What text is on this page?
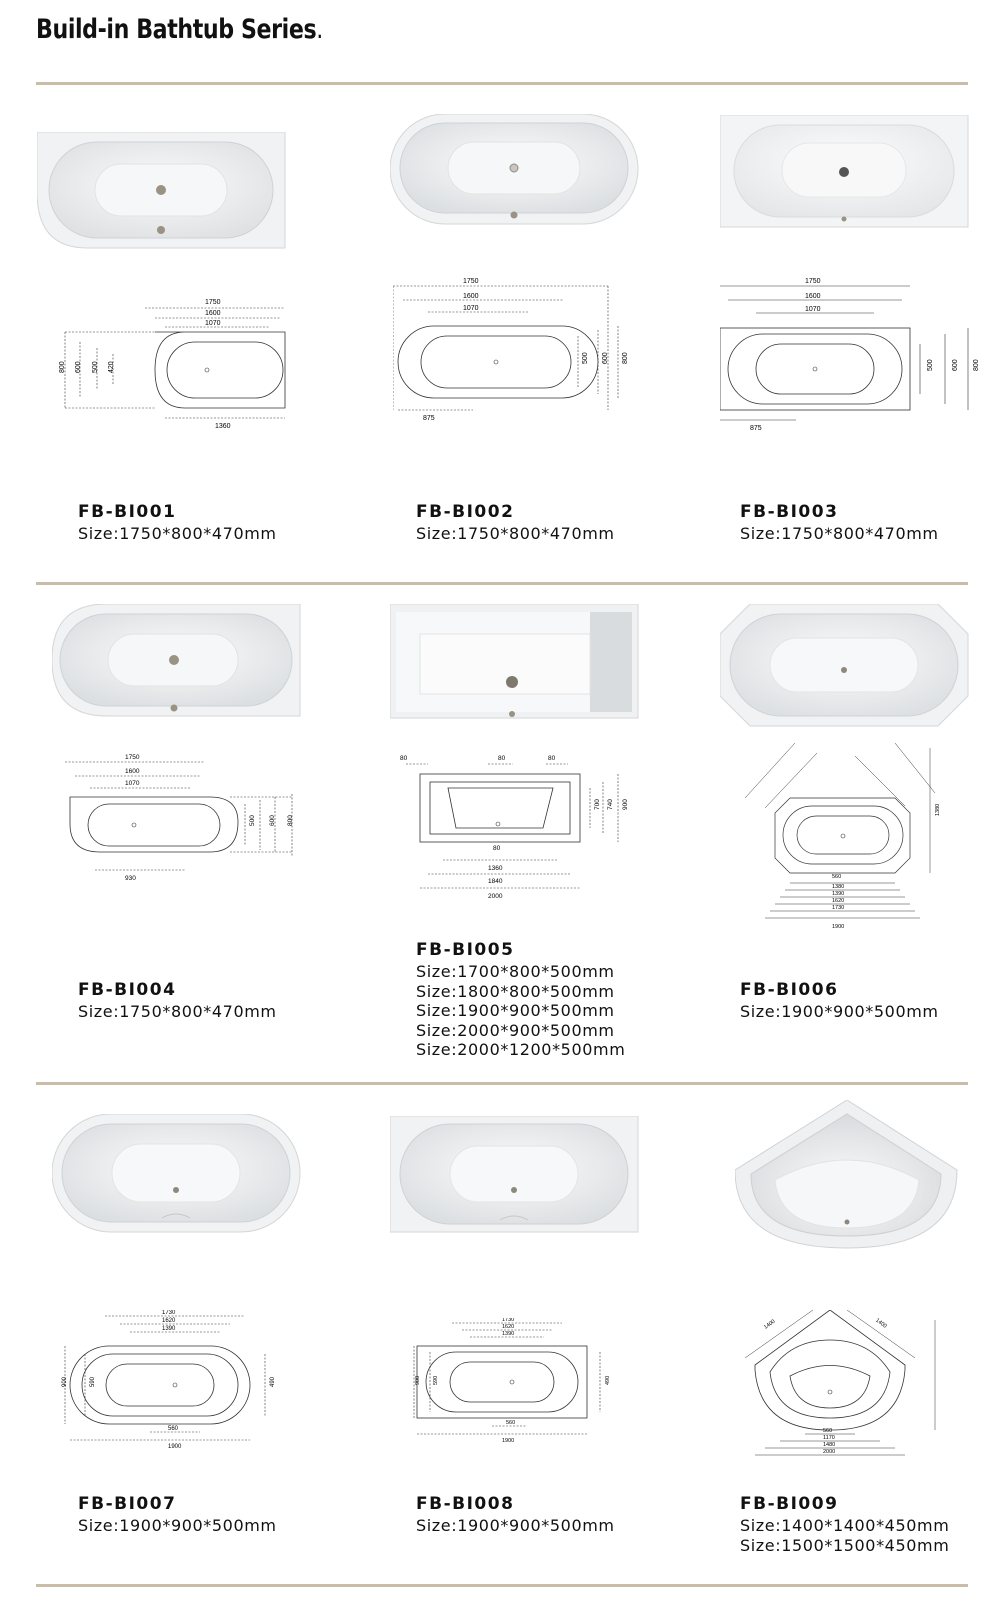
Build-in Bathtub Series.
1750
1600
1070
1360
800 600 500 420
FB-BI001
Size:1750*800*470mm
1750
1600
1070
875
500 600 800
FB-BI002
Size:1750*800*470mm
1750
1600
1070
875
500	600 800
FB-BI003
Size:1750*800*470mm
1750
1600
1070
930
500 600 800
FB-BI004
Size:1750*800*470mm
80	80	80
80
1360
1840
2000
700 740 900
FB-BI005
Size:1700*800*500mm
Size:1800*800*500mm
Size:1900*900*500mm
Size:2000*900*500mm
Size:2000*1200*500mm
560
1380
1390
1620
1730
1900
1380
FB-BI006
Size:1900*900*500mm
1730
1620
1390
560
1900
900	590	490
FB-BI007
Size:1900*900*500mm
1730
1620
1390
560
1900
900 590	490
FB-BI008
Size:1900*900*500mm
560
1170
1480
2000
1400	1400
FB-BI009
Size:1400*1400*450mm
Size:1500*1500*450mm
